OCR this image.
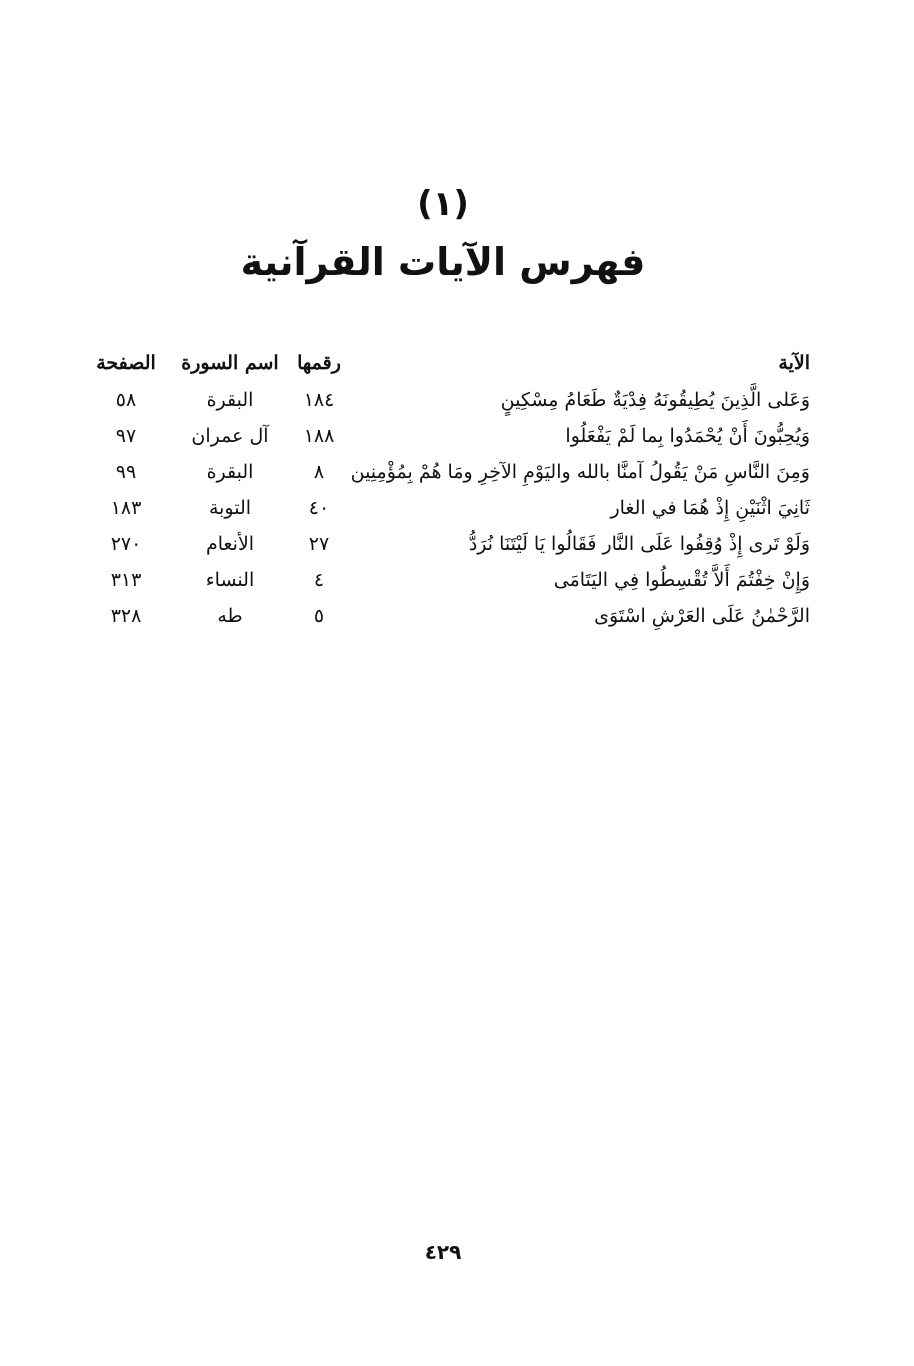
(١)
فهرس الآيات القرآنية
الآية	رقمها	اسم السورة	الصفحة
وَعَلى الَّذِينَ يُطِيقُونَهُ فِدْيَةٌ طَعَامُ مِسْكِينٍ	١٨٤	البقرة	٥٨
وَيُحِبُّونَ أَنْ يُحْمَدُوا بِما لَمْ يَفْعَلُوا	١٨٨	آل عمران	٩٧
وَمِنَ النَّاسِ مَنْ يَقُولُ آمنَّا بالله واليَوْمِ الآخِرِ ومَا هُمْ بِمُؤْمِنِين	٨	البقرة	٩٩
ثَانِيَ اثْنَيْنِ إِذْ هُمَا في الغار	٤٠	التوبة	١٨٣
وَلَوْ تَرى إِذْ وُقِفُوا عَلَى النَّار فَقَالُوا يَا لَيْتَنَا نُرَدُّ	٢٧	الأنعام	٢٧٠
وَإِنْ خِفْتُمَ أَلاَّ تُقْسِطُوا فِي اليَتَامَى	٤	النساء	٣١٣
الرَّحْمٰنُ عَلَى العَرْشِ اسْتَوَى	٥	طه	٣٢٨
٤٢٩
